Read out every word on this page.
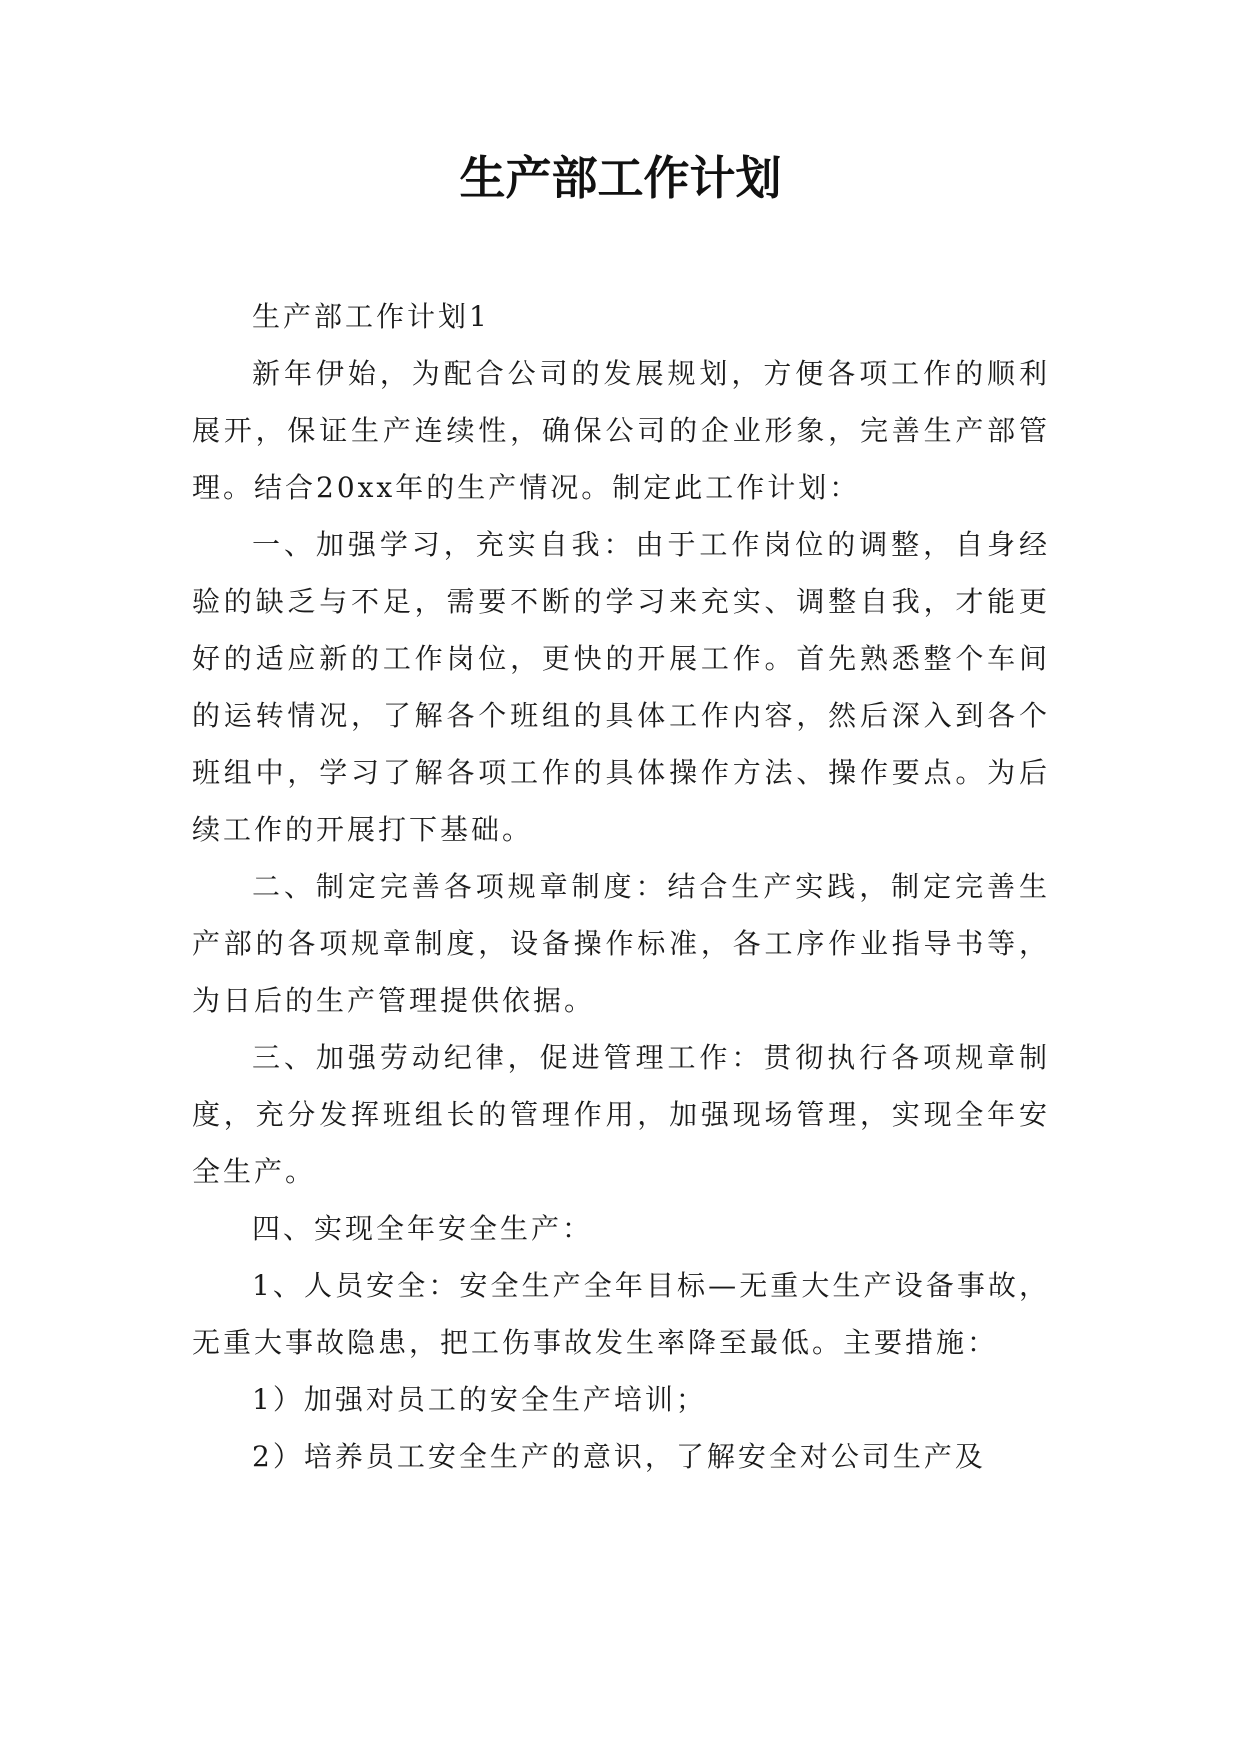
生产部工作计划

生产部工作计划1

新年伊始，为配合公司的发展规划，方便各项工作的顺利展开，保证生产连续性，确保公司的企业形象，完善生产部管理。结合20xx年的生产情况。制定此工作计划：

一、加强学习，充实自我：由于工作岗位的调整，自身经验的缺乏与不足，需要不断的学习来充实、调整自我，才能更好的适应新的工作岗位，更快的开展工作。首先熟悉整个车间的运转情况，了解各个班组的具体工作内容，然后深入到各个班组中，学习了解各项工作的具体操作方法、操作要点。为后续工作的开展打下基础。

二、制定完善各项规章制度：结合生产实践，制定完善生产部的各项规章制度，设备操作标准，各工序作业指导书等，为日后的生产管理提供依据。

三、加强劳动纪律，促进管理工作：贯彻执行各项规章制度，充分发挥班组长的管理作用，加强现场管理，实现全年安全生产。

四、实现全年安全生产：

1、人员安全：安全生产全年目标—无重大生产设备事故，无重大事故隐患，把工伤事故发生率降至最低。主要措施：

1）加强对员工的安全生产培训；

2）培养员工安全生产的意识，了解安全对公司生产及
